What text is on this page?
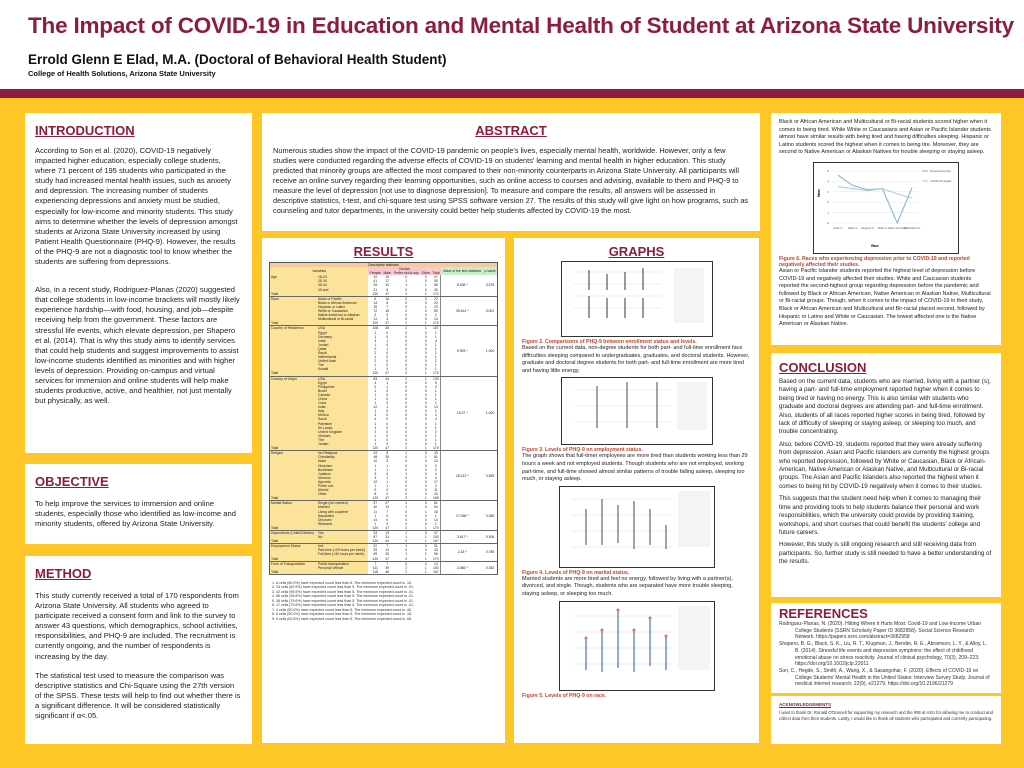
The Impact of COVID-19 in Education and Mental Health of Student at Arizona State University
Errold Glenn E Elad, M.A. (Doctoral of Behavioral Health Student)
College of Health Solutions, Arizona State University
INTRODUCTION

According to Son et al. (2020), COVID-19 negatively impacted higher education, especially college students, where 71 percent of 195 students who participated in the study had increased mental health issues, such as anxiety and depression. The increasing number of students experiencing depressions and anxiety must be studied, especially for low-income and minority students. This study aims to determine whether the levels of depression amongst students at Arizona State University increased by using Patient Health Questionnaire (PHQ-9). However, the results of the PHQ-9 are not a diagnostic tool to know whether the students are suffering from depressions.

Also, in a recent study, Rodriguez-Planas (2020) suggested that college students in low-income brackets will mostly likely experience hardship—with food, housing, and job—despite receiving help from the government. These factors are stressful life events, which elevate depression, per Shapero et al. (2014). That is why this study aims to identify services that could help students and suggest improvements to assist low-income students identified as minorities and with higher levels of depression. Providing on-campus and virtual services for immersion and online students will help make students productive, active, and healthier, not just mentally but physically, as well.

OBJECTIVE

To help improve the services to immersion and online students, especially those who identified as low-income and minority students, offered by Arizona State University.

METHOD

This study currently received a total of 170 respondents from Arizona State University. All students who agreed to participate received a consent form and link to the survey to answer 43 questions, which demographics, school activities, responsibilities, and PHQ-9 are included. The recruitment is currently ongoing, and the number of respondents is increasing by the day.

The statistical test used to measure the comparison was descriptive statistics and Chi-Square using the 27th version of the SPSS. These tests will help to find out whether there is a significant difference. It will be considered statistically significant if α<.05.

ABSTRACT

Numerous studies show the impact of the COVID-19 pandemic on people's lives, especially mental health, worldwide. However, only a few studies were conducted regarding the adverse effects of COVID-19 on students' learning and mental health in higher education. This study predicted that minority groups are affected the most compared to their non-minority counterparts in Arizona State University. All participants will receive an online survey regarding their learning opportunities, such as online access to courses and advising, available to them and PHQ-9 to measure the level of depression [not use to diagnose depression]. To measure and compare the results, all answers will be assessed in descriptive statistics, t-test, and chi-square test using SPSS software version 27. The results of this study will give light on how programs, such as counseling and tutor departments, in the university could better help students affected by COVID-19 the most.

RESULTS
Descriptive statistics								
Variables		Gender					Value of the test statistics	p-value
		Female	Male	Prefer not to say	Other	Total		
Age	18-24	32	15	0	0	47	8.636 *	0.675
	25-34	41	17	1	0	59		
	35-44	26	10	1	1	38		
	45 and	21	5	0	0	26		
Total		120	47	2	1	170		
Race	Asian or Pacific	6	16	0	0	22	35.641 *	0.001
	Black or African American	14	6	0	0	20		
	Hispanic or Latino	15	7	0	1	23		
	White or Caucasian	72	15	2	0	89		
	Native American or Alaskan	2	0	0	0	2		
	Multicultural or Bi-racial	11	3	0	0	14		
Total		120	47	2	1	170		
Country of Residence	USA	108	45	2	1	157	5.925 *	1.000
	Egypt	1	0	0	0	1		
	Germany	1	0	0	0	1		
	India	3	1	0	0	4		
	Jordan	1	0	0	0	1		
	Qatar	0	1	0	0	1		
	Saudi	2	0	0	0	2		
	Netherlands	1	0	0	0	1		
	United Arab	2	0	0	0	2		
	The	1	0	0	0	1		
	Kuwait	1	0	0	0	1		
Total		120	47	2	1	170		
Country of Origin	USA	83	44	2	1	130	15.07 *	1.000
	Egypt	4	1	0	0	5		
	Philippines	2	1	0	0	3		
	Brazil	1	0	0	0	1		
	Canada	1	0	0	0	1		
	China	1	0	0	0	1		
	Cuba	1	0	0	0	1		
	India	12	1	0	0	13		
	Italy	1	0	0	0	1		
	Mexico	3	0	0	0	3		
	Saudi	4	0	0	0	4		
	Palestine	1	0	0	0	1		
	Sri Lanka	1	0	0	0	1		
	United Kingdom	2	0	0	0	2		
	Vietnam	1	0	0	0	1		
	The	1	0	0	0	1		
	Jordan	1	0	0	0	1		
Total		120	47	2	1	170		
Religion	No Religious	24	8	1	0	33	28.212 *	0.559
	Christianity	48	28	0	1	81		
	Islam	10	3	0	0	13		
	Hinduism	1	1	0	0	2		
	Buddhism	1	1	0	0	2		
	Judaism	3	0	1	0	4		
	Mormon	3	1	0	0	4		
	Agnostic	12	1	0	0	17		
	Prefer not	1	1	0	0	2		
	Atheist	9	2	0	0	11		
	Other	8	2	0	0	10		
Total		120	47	2	1	168		
Marital Status	Single (not married)	57	27	1	0	81	17.066 *	0.286
	Married	40	13	1	0	54		
	Living with a partner	11	7	0	1	18		
	Separated	1	0	0	0	1		
	Divorced	14	0	0	0	14		
	Widowed	1	0	0	0	1		
Total		120	47	2	1	170		
Dependents (Child/Children)	Yes	33	13	1	0	47	3.617 *	0.306
	No	87	31	1	1	100		
Total		120	44	2	1	167		
Employment Status	Not	22	7	1	0	31	2.18 *	0.785
	Part-time (<29 hours per week)	29	14	0	0	43		
	Full-time (>30 hours per week)	69	26	1	1	96		
Total		120	47	2	1	170		
Form of Transportation	Public transportation	7	7	0	0	14	3.066 *	0.382
	Personal Vehicle	111	39	2	1	153		
Total		118	46	2	1	167		
1. 8 cells (60.0%) have expected count less than 5. The minimum expected count is .15.
2. 15 cells (62.5%) have expected count less than 5. The minimum expected count is .01.
3. 42 cells (95.5%) have expected count less than 5. The minimum expected count is .01.
4. 68 cells (95.8%) have expected count less than 5. The minimum expected count is .01.
5. 38 cells (79.6%) have expected count less than 5. The minimum expected count is .01.
6. 17 cells (70.8%) have expected count less than 5. The minimum expected count is .01.
7. 4 cells (50.0%) have expected count less than 5. The minimum expected count is .40.
8. 6 cells (50.0%) have expected count less than 5. The minimum expected count is .18.
9. 5 cells (62.5%) have expected count less than 5. The minimum expected count is .08.
GRAPHS
Figure 2. Comparisons of PHQ-9 between enrollment status and levels.

Based on the current data, non-degree students for both part- and full-time enrollment face difficulties sleeping compared to undergraduates, graduates, and doctoral students. However, graduate and doctoral degree students for both part- and full-time enrollment are more tired and having little energy.

Figure 3. Levels of PHQ-9 on employment status.

The graph shows that full-timer employees are more tired than students working less than 29 hours a week and not employed students. Though students who are not employed, working part-time, and full-time showed almost similar patterns of trouble falling asleep, sleeping too much, or staying asleep.

Figure 4. Levels of PHQ-9 on marital status.

Married students are more tired and feel no energy, followed by living with a partner(s), divorced, and single. Though, students who are separated have more trouble sleeping, staying asleep, or sleeping too much.

Figure 5. Levels of PHQ-9 on race.

Black or African American and Multicultural or Bi-racial students scored higher when it comes to being tired. While White or Caucasians and Asian or Pacific Islander students almost have similar results with being tired and having difficulties sleeping. Hispanic or Latino students scored the highest when it comes to being tire. Moreover, they are second to Native American or Alaskan Natives for trouble sleeping or staying asleep.

0
1
2
3
4
5	Experiencing Dep…
COVID-19 Negativ…
Asian or Black or Hispanic or White or Native American
Multicultural or
Race
Mean
Figure 6. Races who experiencing depression prior to COVID-19 and reported negatively affected their studies.

Asian or Pacific Islander students reported the highest level of depression before COVID-19 and negatively affected their studies. White and Caucasian students reported the second-highest group regarding depression before the pandemic and followed by Black or African American, Native American or Alaskan Native, Multicultural or Bi-racial groups. Though, when it comes to the impact of COVID-19 in their study, Black or African American and Multicultural and Bir-racial placed second, followed by Hispanic or Latino and White or Caucasian. The lowest affected one is the Native American or Alaskan Native.

CONCLUSION

Based on the current data, students who are married, living with a partner (s), having a part- and full-time employment reported higher when it comes to being tired or having no energy. This is also similar with students who graduate and doctoral degrees are attending part- and full-time enrollment. Also, students of all races reported higher scores in being tired, followed by lack of difficulty of sleeping or staying asleep, or sleeping too much, and trouble concentrating.

Also, before COVID-19, students reported that they were already suffering from depression. Asian and Pacific Islanders are currently the highest groups who reported depression, followed by White or Caucasian, Black or African-American, Native American or Alaskan Native, and Multicultural or Bi-racial groups. The Asian and Pacific Islanders also reported the highest when it comes to being hit by COVID-19 negatively when it comes to their studies.

This suggests that the student need help when it comes to managing their time and providing tools to help students balance their personal and work responsibilities, which the university could provide by providing training, workshops, and short courses that could benefit the students' college and future careers.

However, this study is still ongoing research and still receiving data from participants. So, further study is still needed to have a better understanding of the results.

REFERENCES
Rodriguez-Planas, N. (2020). Hitting Where it Hurts Most: Covid-19 and Low-Income Urban College Students (SSRN Scholarly Paper ID 3682958). Social Science Research Network. https://papers.ssrn.com/abstract=3682958
Shapero, B. G., Black, S. K., Liu, R. T., Klugman, J., Bender, R. E., Abramson, L. Y., & Alloy, L. B. (2014). Stressful life events and depression symptoms: the effect of childhood emotional abuse on stress reactivity. Journal of clinical psychology, 70(3), 209–223. https://doi.org/10.1002/jclp.22011
Son, C., Hegde, S., Smith, A., Wang, X., & Sasangohar, F. (2020). Effects of COVID-19 on College Students' Mental Health in the United States: Interview Survey Study. Journal of medical internet research, 22(9), e21279. https://doi.org/10.2196/21279
ACKNOWLEDGEMENTS

I want to thank Dr. Ronald O'Donnell for supporting my research and the IRB at ASU for allowing me to conduct and collect data from their students. Lastly, I would like to thank all students who participated and currently participating.
